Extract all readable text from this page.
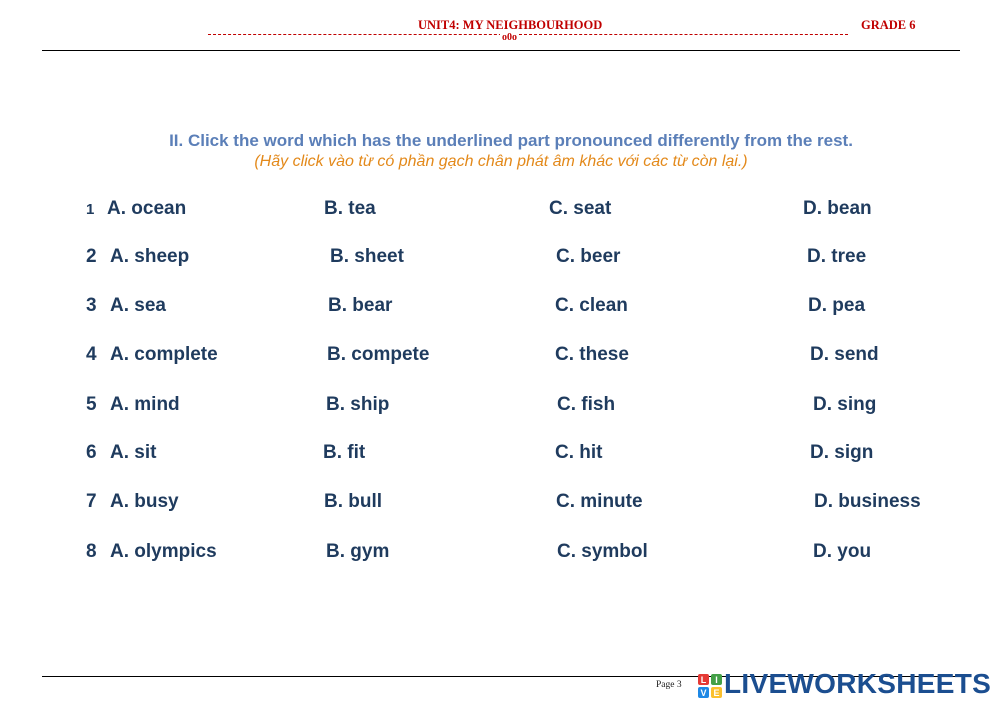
UNIT4: MY NEIGHBOURHOOD	GRADE 6
o0o
II. Click the word which has the underlined part pronounced differently from the rest.
(Hãy click vào từ có phần gạch chân phát âm khác với các từ còn lại.)
1 A. ocean	B. tea	C. seat	D. bean
2 A. sheep	B. sheet	C. beer	D. tree
3 A. sea	B. bear	C. clean	D. pea
4 A. complete	B. compete	C. these	D. send
5 A. mind	B. ship	C. fish	D. sing
6 A. sit	B. fit	C. hit	D. sign
7 A. busy	B. bull	C. minute	D. business
8 A. olympics	B. gym	C. symbol	D. you
Page 3 L I
V E LIVEWORKSHEETS
